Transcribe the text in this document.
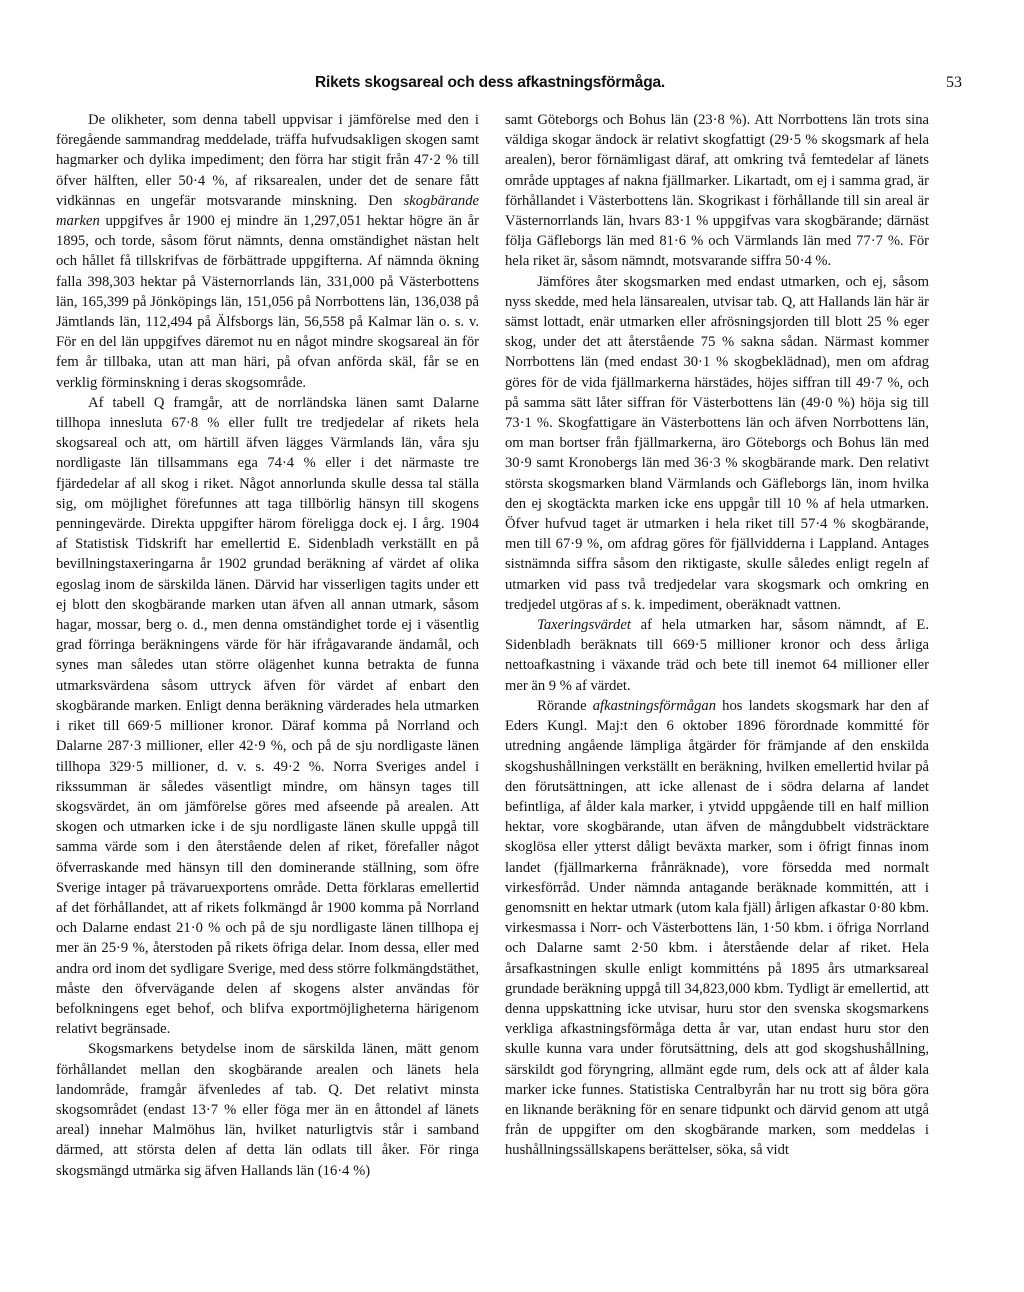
Rikets skogsareal och dess afkastningsförmåga.	53

De olikheter, som denna tabell uppvisar i jämförelse med den i föregående sammandrag meddelade, träffa hufvudsakligen skogen samt hagmarker och dylika impediment; den förra har stigit från 47·2 % till öfver hälften, eller 50·4 %, af riksarealen, under det de senare fått vidkännas en ungefär motsvarande minskning. Den skogbärande marken uppgifves år 1900 ej mindre än 1,297,051 hektar högre än år 1895, och torde, såsom förut nämnts, denna omständighet nästan helt och hållet få tillskrifvas de förbättrade uppgifterna. Af nämnda ökning falla 398,303 hektar på Västernorrlands län, 331,000 på Västerbottens län, 165,399 på Jönköpings län, 151,056 på Norrbottens län, 136,038 på Jämtlands län, 112,494 på Älfsborgs län, 56,558 på Kalmar län o. s. v. För en del län uppgifves däremot nu en något mindre skogsareal än för fem år tillbaka, utan att man häri, på ofvan anförda skäl, får se en verklig förminskning i deras skogsområde.

Af tabell Q framgår, att de norrländska länen samt Dalarne tillhopa innesluta 67·8 % eller fullt tre tredjedelar af rikets hela skogsareal och att, om härtill äfven lägges Värmlands län, våra sju nordligaste län tillsammans ega 74·4 % eller i det närmaste tre fjärdedelar af all skog i riket. Något annorlunda skulle dessa tal ställa sig, om möjlighet förefunnes att taga tillbörlig hänsyn till skogens penningevärde. Direkta uppgifter härom föreligga dock ej. I årg. 1904 af Statistisk Tidskrift har emellertid E. Sidenbladh verkställt en på bevillningstaxeringarna år 1902 grundad beräkning af värdet af olika egoslag inom de särskilda länen. Därvid har visserligen tagits under ett ej blott den skogbärande marken utan äfven all annan utmark, såsom hagar, mossar, berg o. d., men denna omständighet torde ej i väsentlig grad förringa beräkningens värde för här ifrågavarande ändamål, och synes man således utan större olägenhet kunna betrakta de funna utmarksvärdena såsom uttryck äfven för värdet af enbart den skogbärande marken. Enligt denna beräkning värderades hela utmarken i riket till 669·5 millioner kronor. Däraf komma på Norrland och Dalarne 287·3 millioner, eller 42·9 %, och på de sju nordligaste länen tillhopa 329·5 millioner, d. v. s. 49·2 %. Norra Sveriges andel i rikssumman är således väsentligt mindre, om hänsyn tages till skogsvärdet, än om jämförelse göres med afseende på arealen. Att skogen och utmarken icke i de sju nordligaste länen skulle uppgå till samma värde som i den återstående delen af riket, förefaller något öfverraskande med hänsyn till den dominerande ställning, som öfre Sverige intager på trävaruexportens område. Detta förklaras emellertid af det förhållandet, att af rikets folkmängd år 1900 komma på Norrland och Dalarne endast 21·0 % och på de sju nordligaste länen tillhopa ej mer än 25·9 %, återstoden på rikets öfriga delar. Inom dessa, eller med andra ord inom det sydligare Sverige, med dess större folkmängdstäthet, måste den öfvervägande delen af skogens alster användas för befolkningens eget behof, och blifva exportmöjligheterna härigenom relativt begränsade.

Skogsmarkens betydelse inom de särskilda länen, mätt genom förhållandet mellan den skogbärande arealen och länets hela landområde, framgår äfvenledes af tab. Q. Det relativt minsta skogsområdet (endast 13·7 % eller föga mer än en åttondel af länets areal) innehar Malmöhus län, hvilket naturligtvis står i samband därmed, att största delen af detta län odlats till åker. För ringa skogsmängd utmärka sig äfven Hallands län (16·4 %)

samt Göteborgs och Bohus län (23·8 %). Att Norrbottens län trots sina väldiga skogar ändock är relativt skogfattigt (29·5 % skogsmark af hela arealen), beror förnämligast däraf, att omkring två femtedelar af länets område upptages af nakna fjällmarker. Likartadt, om ej i samma grad, är förhållandet i Västerbottens län. Skogrikast i förhållande till sin areal är Västernorrlands län, hvars 83·1 % uppgifvas vara skogbärande; därnäst följa Gäfleborgs län med 81·6 % och Värmlands län med 77·7 %. För hela riket är, såsom nämndt, motsvarande siffra 50·4 %.

Jämföres åter skogsmarken med endast utmarken, och ej, såsom nyss skedde, med hela länsarealen, utvisar tab. Q, att Hallands län här är sämst lottadt, enär utmarken eller afrösningsjorden till blott 25 % eger skog, under det att återstående 75 % sakna sådan. Närmast kommer Norrbottens län (med endast 30·1 % skogbeklädnad), men om afdrag göres för de vida fjällmarkerna härstädes, höjes siffran till 49·7 %, och på samma sätt låter siffran för Västerbottens län (49·0 %) höja sig till 73·1 %. Skogfattigare än Västerbottens län och äfven Norrbottens län, om man bortser från fjällmarkerna, äro Göteborgs och Bohus län med 30·9 samt Kronobergs län med 36·3 % skogbärande mark. Den relativt största skogsmarken bland Värmlands och Gäfleborgs län, inom hvilka den ej skogtäckta marken icke ens uppgår till 10 % af hela utmarken. Öfver hufvud taget är utmarken i hela riket till 57·4 % skogbärande, men till 67·9 %, om afdrag göres för fjällvidderna i Lappland. Antages sistnämnda siffra såsom den riktigaste, skulle således enligt regeln af utmarken vid pass två tredjedelar vara skogsmark och omkring en tredjedel utgöras af s. k. impediment, oberäknadt vattnen.

Taxeringsvärdet af hela utmarken har, såsom nämndt, af E. Sidenbladh beräknats till 669·5 millioner kronor och dess årliga nettoafkastning i växande träd och bete till inemot 64 millioner eller mer än 9 % af värdet.

Rörande afkastningsförmågan hos landets skogsmark har den af Eders Kungl. Maj:t den 6 oktober 1896 förordnade kommitté för utredning angående lämpliga åtgärder för främjande af den enskilda skogshushållningen verkställt en beräkning, hvilken emellertid hvilar på den förutsättningen, att icke allenast de i södra delarna af landet befintliga, af ålder kala marker, i ytvidd uppgående till en half million hektar, vore skogbärande, utan äfven de mångdubbelt vidsträcktare skoglösa eller ytterst dåligt beväxta marker, som i öfrigt finnas inom landet (fjällmarkerna frånräknade), vore försedda med normalt virkesförråd. Under nämnda antagande beräknade kommittén, att i genomsnitt en hektar utmark (utom kala fjäll) årligen afkastar 0·80 kbm. virkesmassa i Norr- och Västerbottens län, 1·50 kbm. i öfriga Norrland och Dalarne samt 2·50 kbm. i återstående delar af riket. Hela årsafkastningen skulle enligt kommitténs på 1895 års utmarksareal grundade beräkning uppgå till 34,823,000 kbm. Tydligt är emellertid, att denna uppskattning icke utvisar, huru stor den svenska skogsmarkens verkliga afkastningsförmåga detta år var, utan endast huru stor den skulle kunna vara under förutsättning, dels att god skogshushållning, särskildt god föryngring, allmänt egde rum, dels ock att af ålder kala marker icke funnes. Statistiska Centralbyrån har nu trott sig böra göra en liknande beräkning för en senare tidpunkt och därvid genom att utgå från de uppgifter om den skogbärande marken, som meddelas i hushållningssällskapens berättelser, söka, så vidt
